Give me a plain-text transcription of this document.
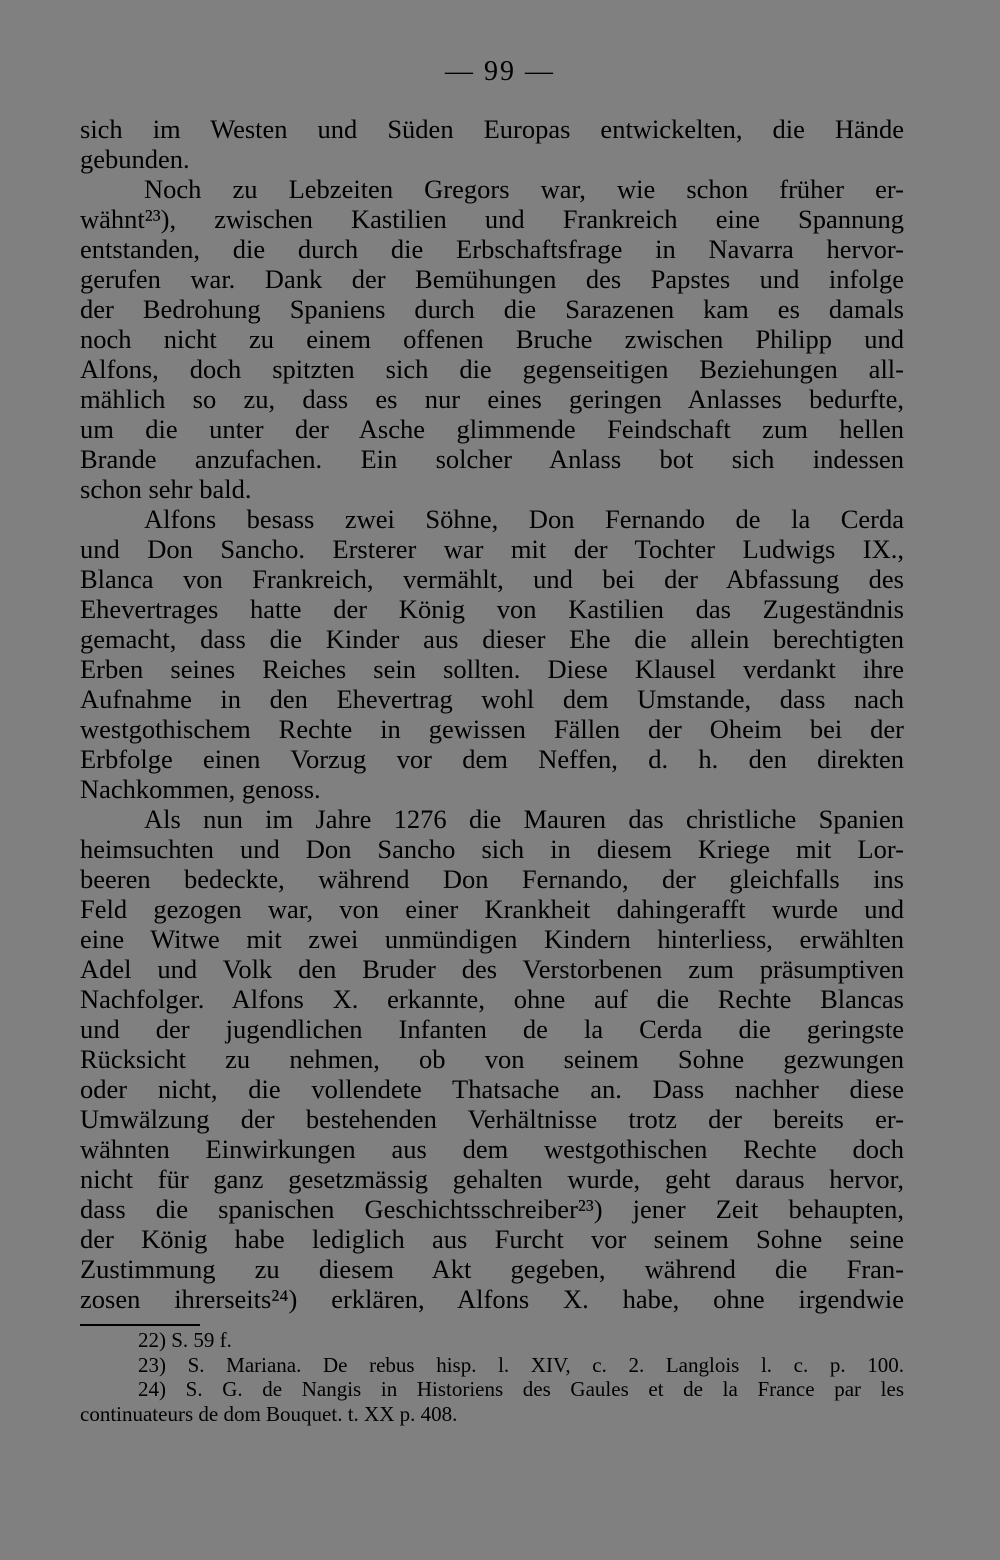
— 99 —
sich im Westen und Süden Europas entwickelten, die Hände
gebunden.
Noch zu Lebzeiten Gregors war, wie schon früher er-
wähnt²³), zwischen Kastilien und Frankreich eine Spannung
entstanden, die durch die Erbschaftsfrage in Navarra hervor-
gerufen war. Dank der Bemühungen des Papstes und infolge
der Bedrohung Spaniens durch die Sarazenen kam es damals
noch nicht zu einem offenen Bruche zwischen Philipp und
Alfons, doch spitzten sich die gegenseitigen Beziehungen all-
mählich so zu, dass es nur eines geringen Anlasses bedurfte,
um die unter der Asche glimmende Feindschaft zum hellen
Brande anzufachen. Ein solcher Anlass bot sich indessen
schon sehr bald.
Alfons besass zwei Söhne, Don Fernando de la Cerda
und Don Sancho. Ersterer war mit der Tochter Ludwigs IX.,
Blanca von Frankreich, vermählt, und bei der Abfassung des
Ehevertrages hatte der König von Kastilien das Zugeständnis
gemacht, dass die Kinder aus dieser Ehe die allein berechtigten
Erben seines Reiches sein sollten. Diese Klausel verdankt ihre
Aufnahme in den Ehevertrag wohl dem Umstande, dass nach
westgothischem Rechte in gewissen Fällen der Oheim bei der
Erbfolge einen Vorzug vor dem Neffen, d. h. den direkten
Nachkommen, genoss.
Als nun im Jahre 1276 die Mauren das christliche Spanien
heimsuchten und Don Sancho sich in diesem Kriege mit Lor-
beeren bedeckte, während Don Fernando, der gleichfalls ins
Feld gezogen war, von einer Krankheit dahingerafft wurde und
eine Witwe mit zwei unmündigen Kindern hinterliess, erwählten
Adel und Volk den Bruder des Verstorbenen zum präsumptiven
Nachfolger. Alfons X. erkannte, ohne auf die Rechte Blancas
und der jugendlichen Infanten de la Cerda die geringste
Rücksicht zu nehmen, ob von seinem Sohne gezwungen
oder nicht, die vollendete Thatsache an. Dass nachher diese
Umwälzung der bestehenden Verhältnisse trotz der bereits er-
wähnten Einwirkungen aus dem westgothischen Rechte doch
nicht für ganz gesetzmässig gehalten wurde, geht daraus hervor,
dass die spanischen Geschichtsschreiber²³) jener Zeit behaupten,
der König habe lediglich aus Furcht vor seinem Sohne seine
Zustimmung zu diesem Akt gegeben, während die Fran-
zosen ihrerseits²⁴) erklären, Alfons X. habe, ohne irgendwie
22) S. 59 f.
23) S. Mariana. De rebus hisp. l. XIV, c. 2. Langlois l. c. p. 100.
24) S. G. de Nangis in Historiens des Gaules et de la France par les
continuateurs de dom Bouquet. t. XX p. 408.
